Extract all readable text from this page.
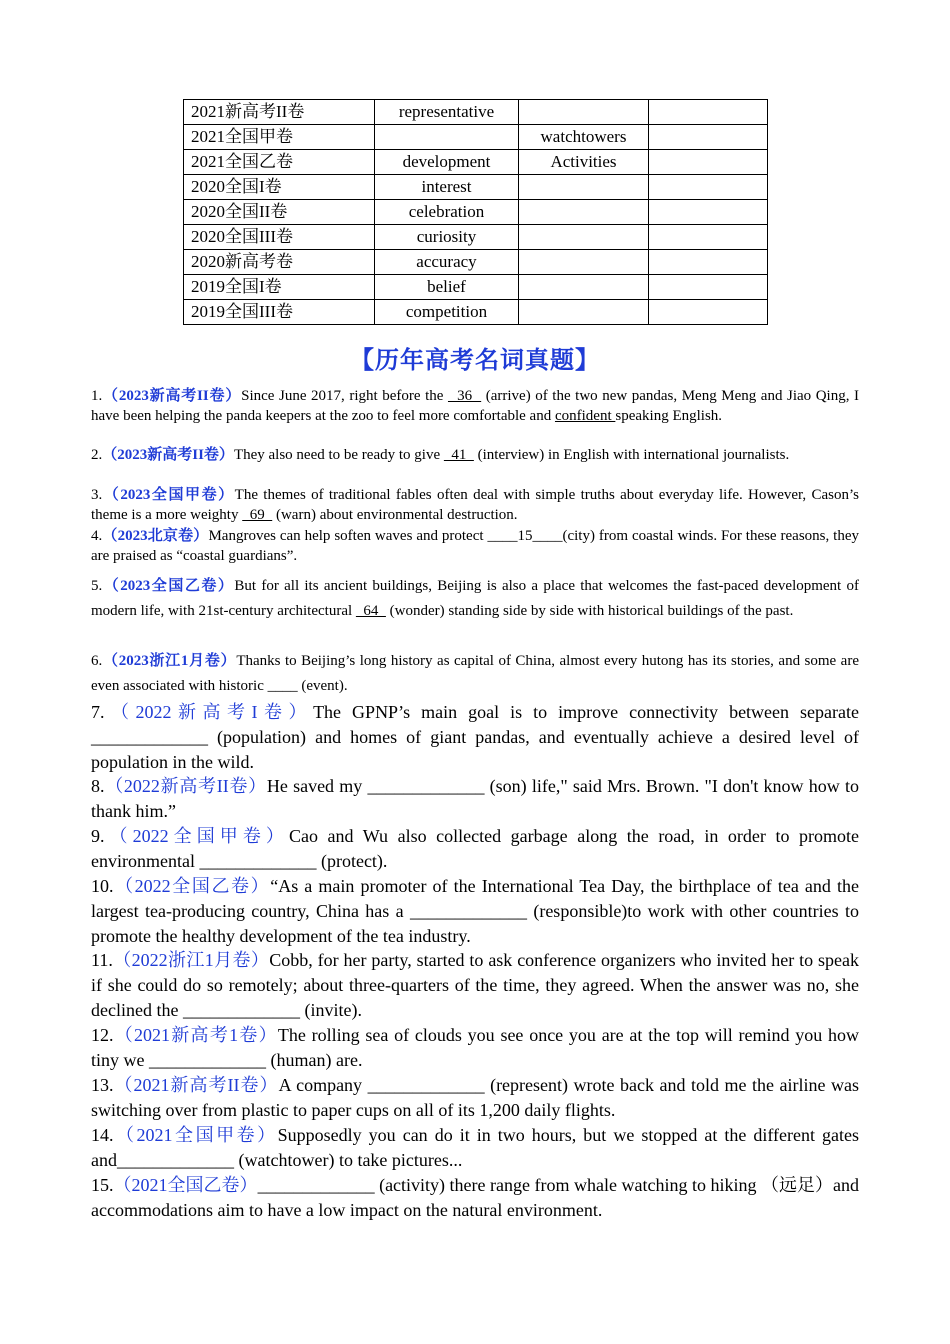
2021新高考II卷	representative		
2021全国甲卷		watchtowers	
2021全国乙卷	development	Activities	
2020全国I卷	interest		
2020全国II卷	celebration		
2020全国III卷	curiosity		
2020新高考卷	accuracy		
2019全国I卷	belief		
2019全国III卷	competition		
【历年高考名词真题】
1.（2023新高考II卷）Since June 2017, right before the   36   (arrive) of the two new pandas, Meng Meng and Jiao Qing, I have been helping the panda keepers at the zoo to feel more comfortable and confident speaking English.
2.（2023新高考II卷）They also need to be ready to give   41   (interview) in English with international journalists.
3.（2023全国甲卷）The themes of traditional fables often deal with simple truths about everyday life. However, Cason’s theme is a more weighty   69   (warn) about environmental destruction.
4.（2023北京卷）Mangroves can help soften waves and protect ____15____(city) from coastal winds. For these reasons, they are praised as “coastal guardians”.
5.（2023全国乙卷）But for all its ancient buildings, Beijing is also a place that welcomes the fast-paced development of modern life, with 21st-century architectural   64   (wonder) standing side by side with historical buildings of the past.
6.（2023浙江1月卷）Thanks to Beijing’s long history as capital of China, almost every hutong has its stories, and some are even associated with historic ____ (event).
7.（2022新高考I卷）The GPNP’s main goal is to improve connectivity between separate _____________ (population) and homes of giant pandas, and eventually achieve a desired level of population in the wild.
8.（2022新高考II卷）He saved my _____________ (son) life," said Mrs. Brown. "I don't know how to thank him.”
9.（2022全国甲卷）Cao and Wu also collected garbage along the road, in order to promote environmental _____________ (protect).
10.（2022全国乙卷）“As a main promoter of the International Tea Day, the birthplace of tea and the largest tea-producing country, China has a _____________ (responsible)to work with other countries to promote the healthy development of the tea industry.
11.（2022浙江1月卷）Cobb, for her party, started to ask conference organizers who invited her to speak if she could do so remotely; about three-quarters of the time, they agreed. When the answer was no, she declined the _____________ (invite).
12.（2021新高考1卷）The rolling sea of clouds you see once you are at the top will remind you how tiny we _____________ (human) are.
13.（2021新高考II卷）A company _____________ (represent) wrote back and told me the airline was switching over from plastic to paper cups on all of its 1,200 daily flights.
14.（2021全国甲卷）Supposedly you can do it in two hours, but we stopped at the different gates and_____________ (watchtower) to take pictures...
15.（2021全国乙卷）_____________ (activity) there range from whale watching to hiking （远足）and accommodations aim to have a low impact on the natural environment.
